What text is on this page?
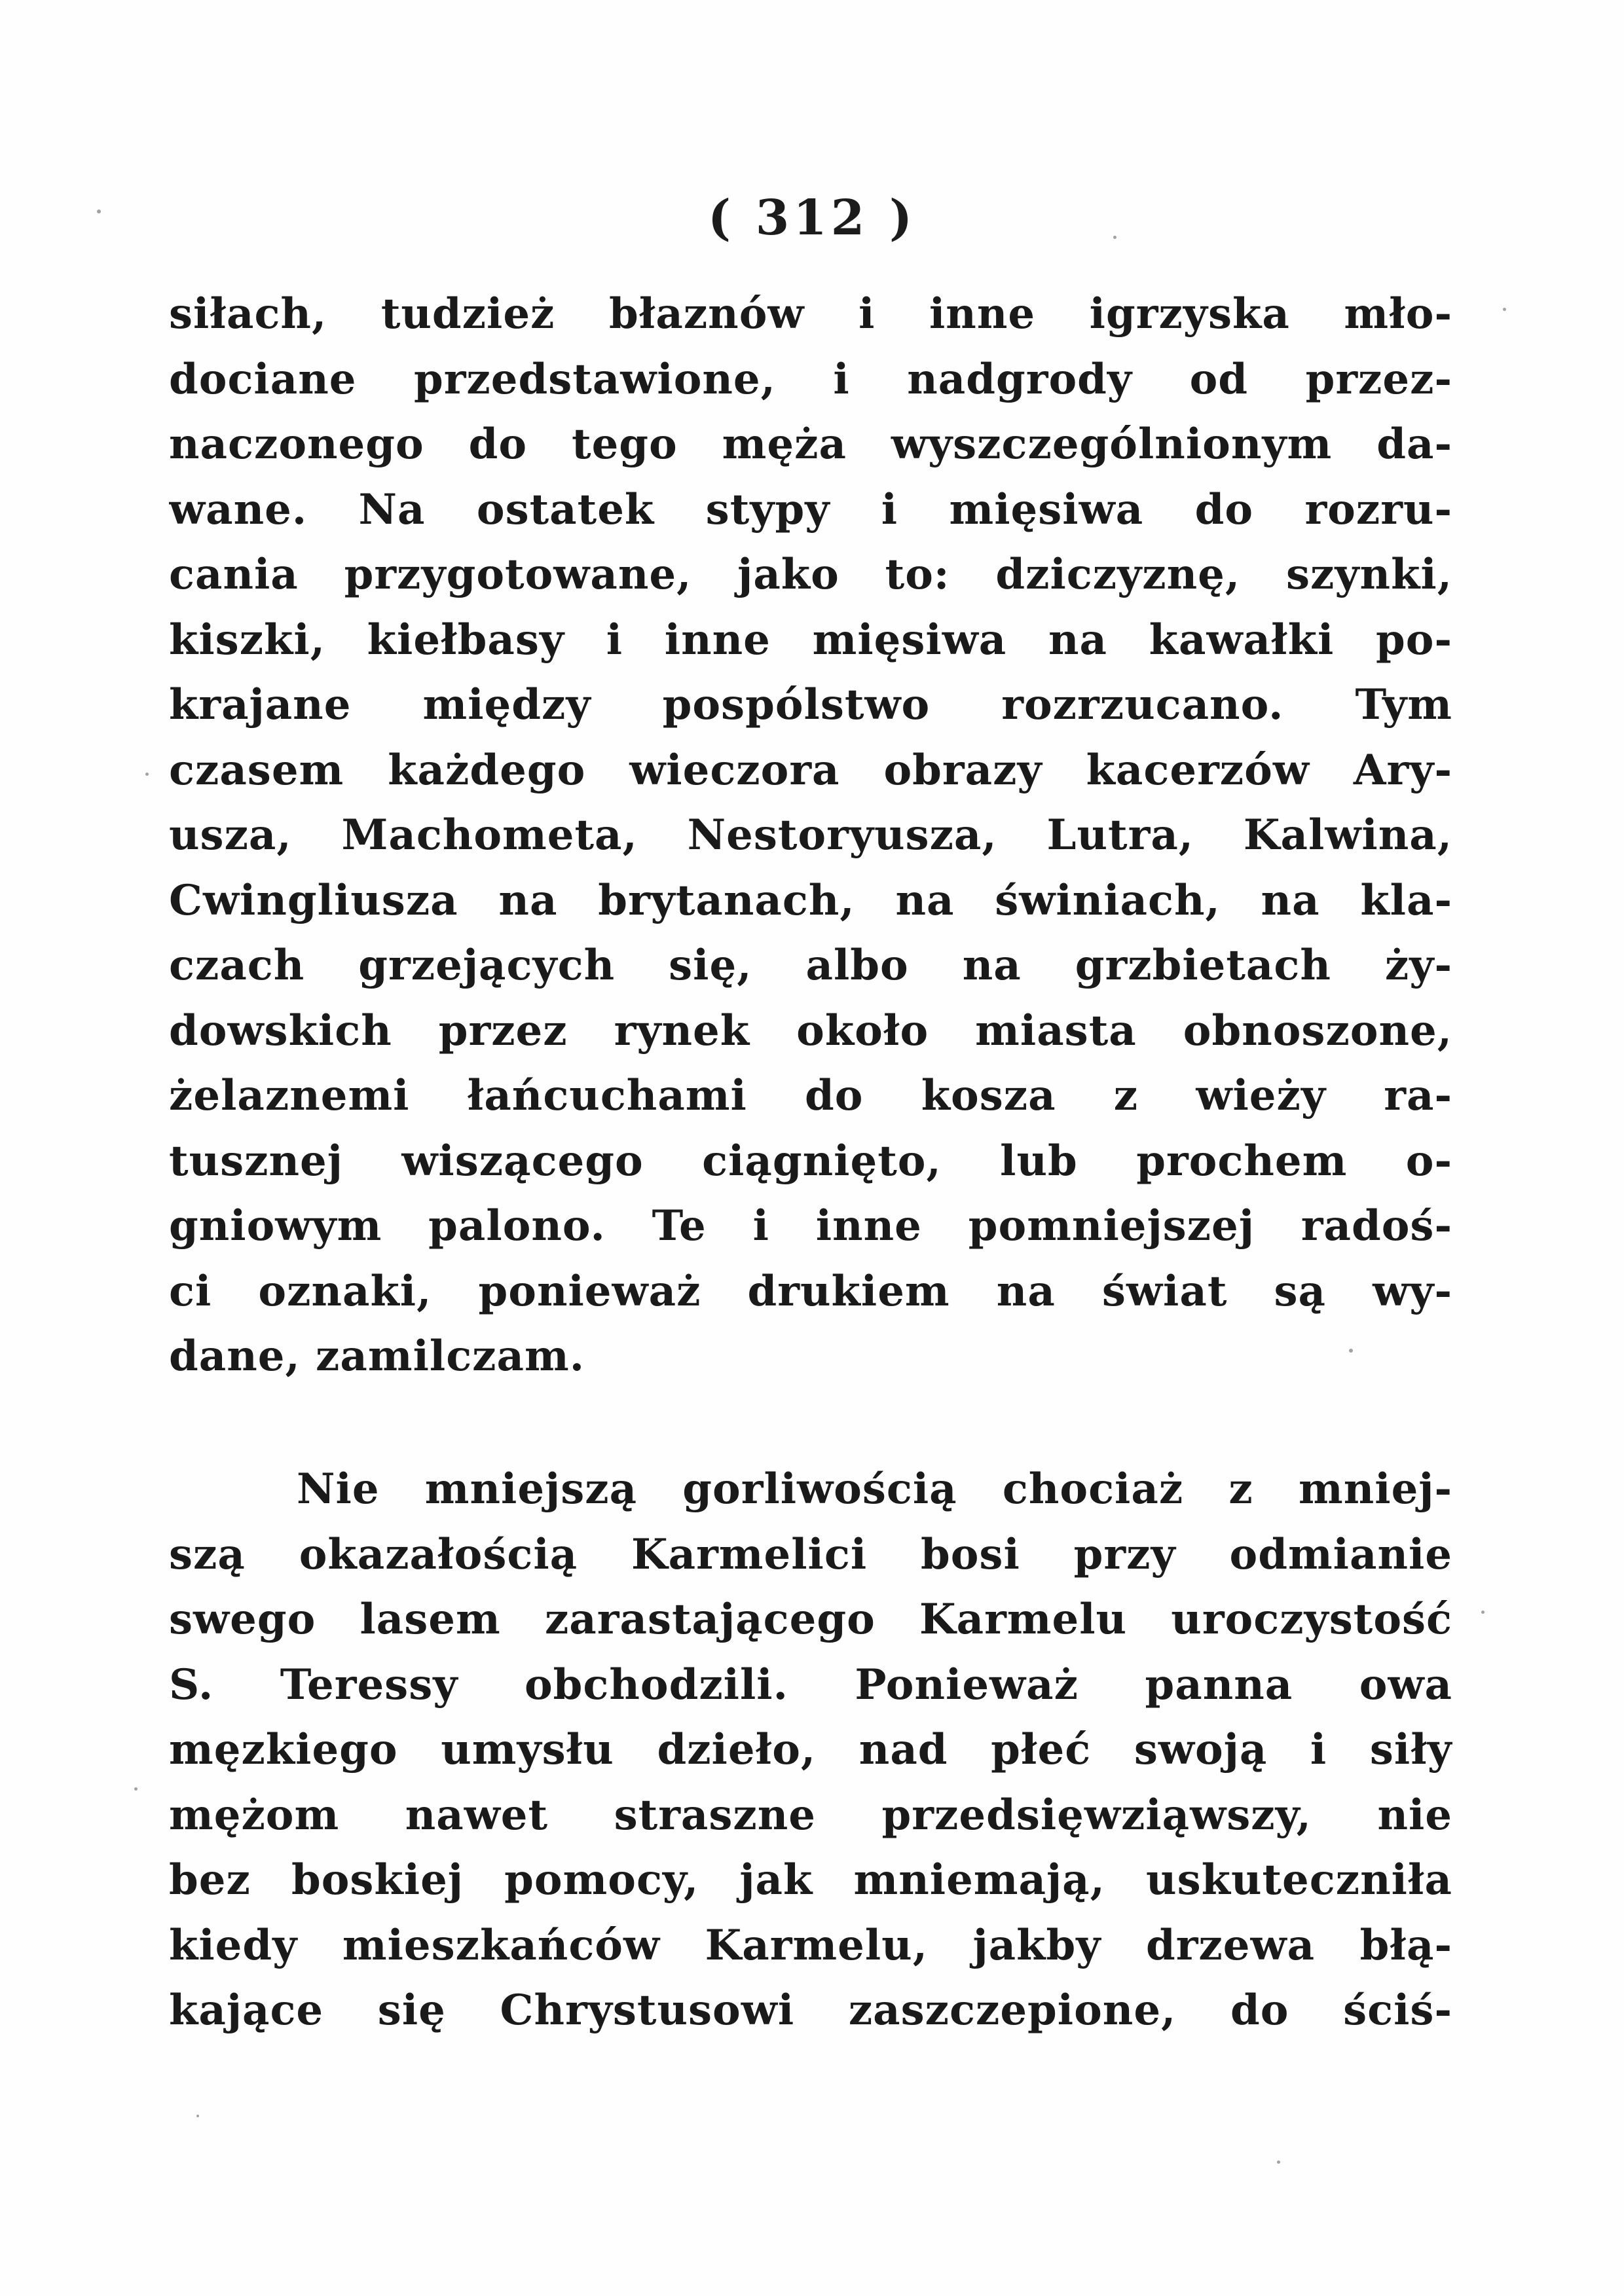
( 312 )
siłach, tudzież błaznów i inne igrzyska mło-
dociane przedstawione, i nadgrody od przez-
naczonego do tego męża wyszczególnionym da-
wane. Na ostatek stypy i mięsiwa do rozru-
cania przygotowane, jako to: dziczyznę, szynki,
kiszki, kiełbasy i inne mięsiwa na kawałki po-
krajane między pospólstwo rozrzucano. Tym
czasem każdego wieczora obrazy kacerzów Ary-
usza, Machometa, Nestoryusza, Lutra, Kalwina,
Cwingliusza na brytanach, na świniach, na kla-
czach grzejących się, albo na grzbietach ży-
dowskich przez rynek około miasta obnoszone,
żelaznemi łańcuchami do kosza z wieży ra-
tusznej wiszącego ciągnięto, lub prochem o-
gniowym palono. Te i inne pomniejszej radoś-
ci oznaki, ponieważ drukiem na świat są wy-
dane, zamilczam.
Nie mniejszą gorliwością chociaż z mniej-
szą okazałością Karmelici bosi przy odmianie
swego lasem zarastającego Karmelu uroczystość
S. Teressy obchodzili. Ponieważ panna owa
męzkiego umysłu dzieło, nad płeć swoją i siły
mężom nawet straszne przedsięwziąwszy, nie
bez boskiej pomocy, jak mniemają, uskuteczniła
kiedy mieszkańców Karmelu, jakby drzewa błą-
kające się Chrystusowi zaszczepione, do ściś-
